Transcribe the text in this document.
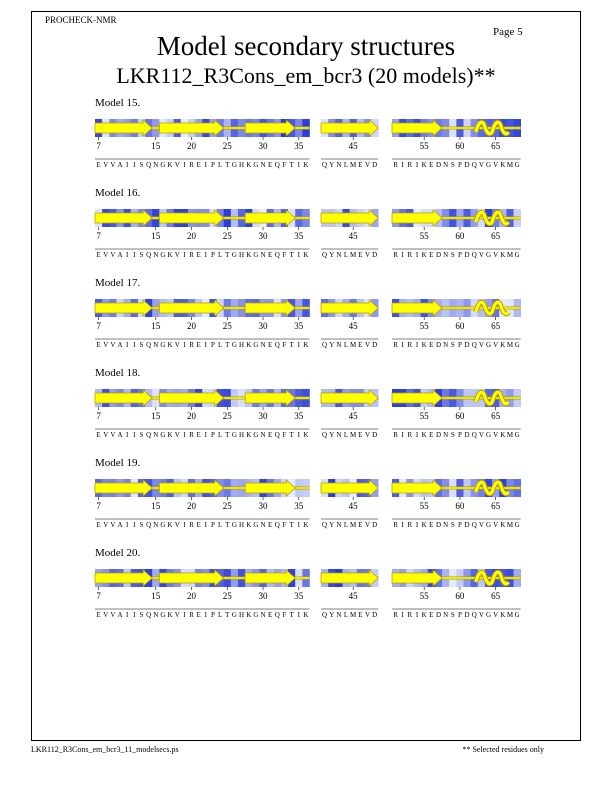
PROCHECK-NMR
Page 5
Model secondary structures
LKR112_R3Cons_em_bcr3 (20 models)**
Model 15.
7	15	20	25	30	35
E V V A I I S Q N G K V I R E I P L T G H K G N E Q F T I K
45
Q Y N L M E V D
55	60	65
R I R I K E D N S P D Q V G V K M G
Model 16.
7	15	20	25	30	35
E V V A I I S Q N G K V I R E I P L T G H K G N E Q F T I K
45
Q Y N L M E V D
55	60	65
R I R I K E D N S P D Q V G V K M G
Model 17.
7	15	20	25	30	35
E V V A I I S Q N G K V I R E I P L T G H K G N E Q F T I K
45
Q Y N L M E V D
55	60	65
R I R I K E D N S P D Q V G V K M G
Model 18.
7	15	20	25	30	35
E V V A I I S Q N G K V I R E I P L T G H K G N E Q F T I K
45
Q Y N L M E V D
55	60	65
R I R I K E D N S P D Q V G V K M G
Model 19.
7	15	20	25	30	35
E V V A I I S Q N G K V I R E I P L T G H K G N E Q F T I K
45
Q Y N L M E V D
55	60	65
R I R I K E D N S P D Q V G V K M G
Model 20.
7	15	20	25	30	35
E V V A I I S Q N G K V I R E I P L T G H K G N E Q F T I K
45
Q Y N L M E V D
55	60	65
R I R I K E D N S P D Q V G V K M G
LKR112_R3Cons_em_bcr3_11_modelsecs.ps	** Selected residues only
